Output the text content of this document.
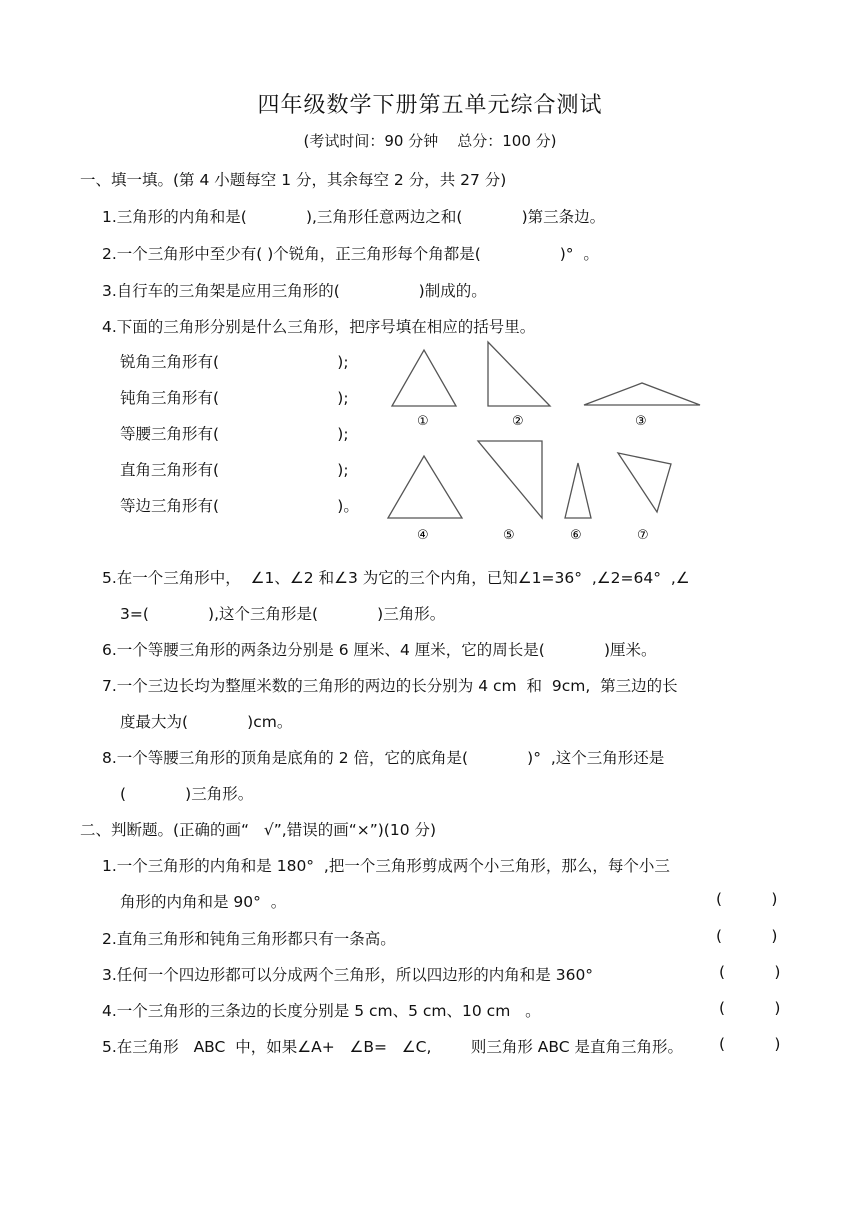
四年级数学下册第五单元综合测试
(考试时间：90 分钟    总分：100 分)
一、填一填。(第 4 小题每空 1 分，其余每空 2 分，共 27 分)
1.三角形的内角和是(            ),三角形任意两边之和(            )第三条边。
2.一个三角形中至少有( )个锐角，正三角形每个角都是(                )°  。
3.自行车的三角架是应用三角形的(                )制成的。
4.下面的三角形分别是什么三角形，把序号填在相应的括号里。
锐角三角形有(                        );
钝角三角形有(                        );
等腰三角形有(                        );
直角三角形有(                        );
等边三角形有(                        )。
①	②	③
④	⑤	⑥	⑦
5.在一个三角形中，  ∠1、∠2 和∠3 为它的三个内角，已知∠1=36°  ,∠2=64°  ,∠
3=(            ),这个三角形是(            )三角形。
6.一个等腰三角形的两条边分别是 6 厘米、4 厘米，它的周长是(            )厘米。
7.一个三边长均为整厘米数的三角形的两边的长分别为 4 cm  和  9cm,  第三边的长
度最大为(            )cm。
8.一个等腰三角形的顶角是底角的 2 倍，它的底角是(            )°  ,这个三角形还是
(            )三角形。
二、判断题。(正确的画“   √”,错误的画“×”)(10 分)
1.一个三角形的内角和是 180°  ,把一个三角形剪成两个小三角形，那么，每个小三
角形的内角和是 90°  。	(          )
2.直角三角形和钝角三角形都只有一条高。	(          )
3.任何一个四边形都可以分成两个三角形，所以四边形的内角和是 360°	(          )
4.一个三角形的三条边的长度分别是 5 cm、5 cm、10 cm   。	(          )
5.在三角形   ABC  中，如果∠A+   ∠B=   ∠C,        则三角形 ABC 是直角三角形。 (          )
